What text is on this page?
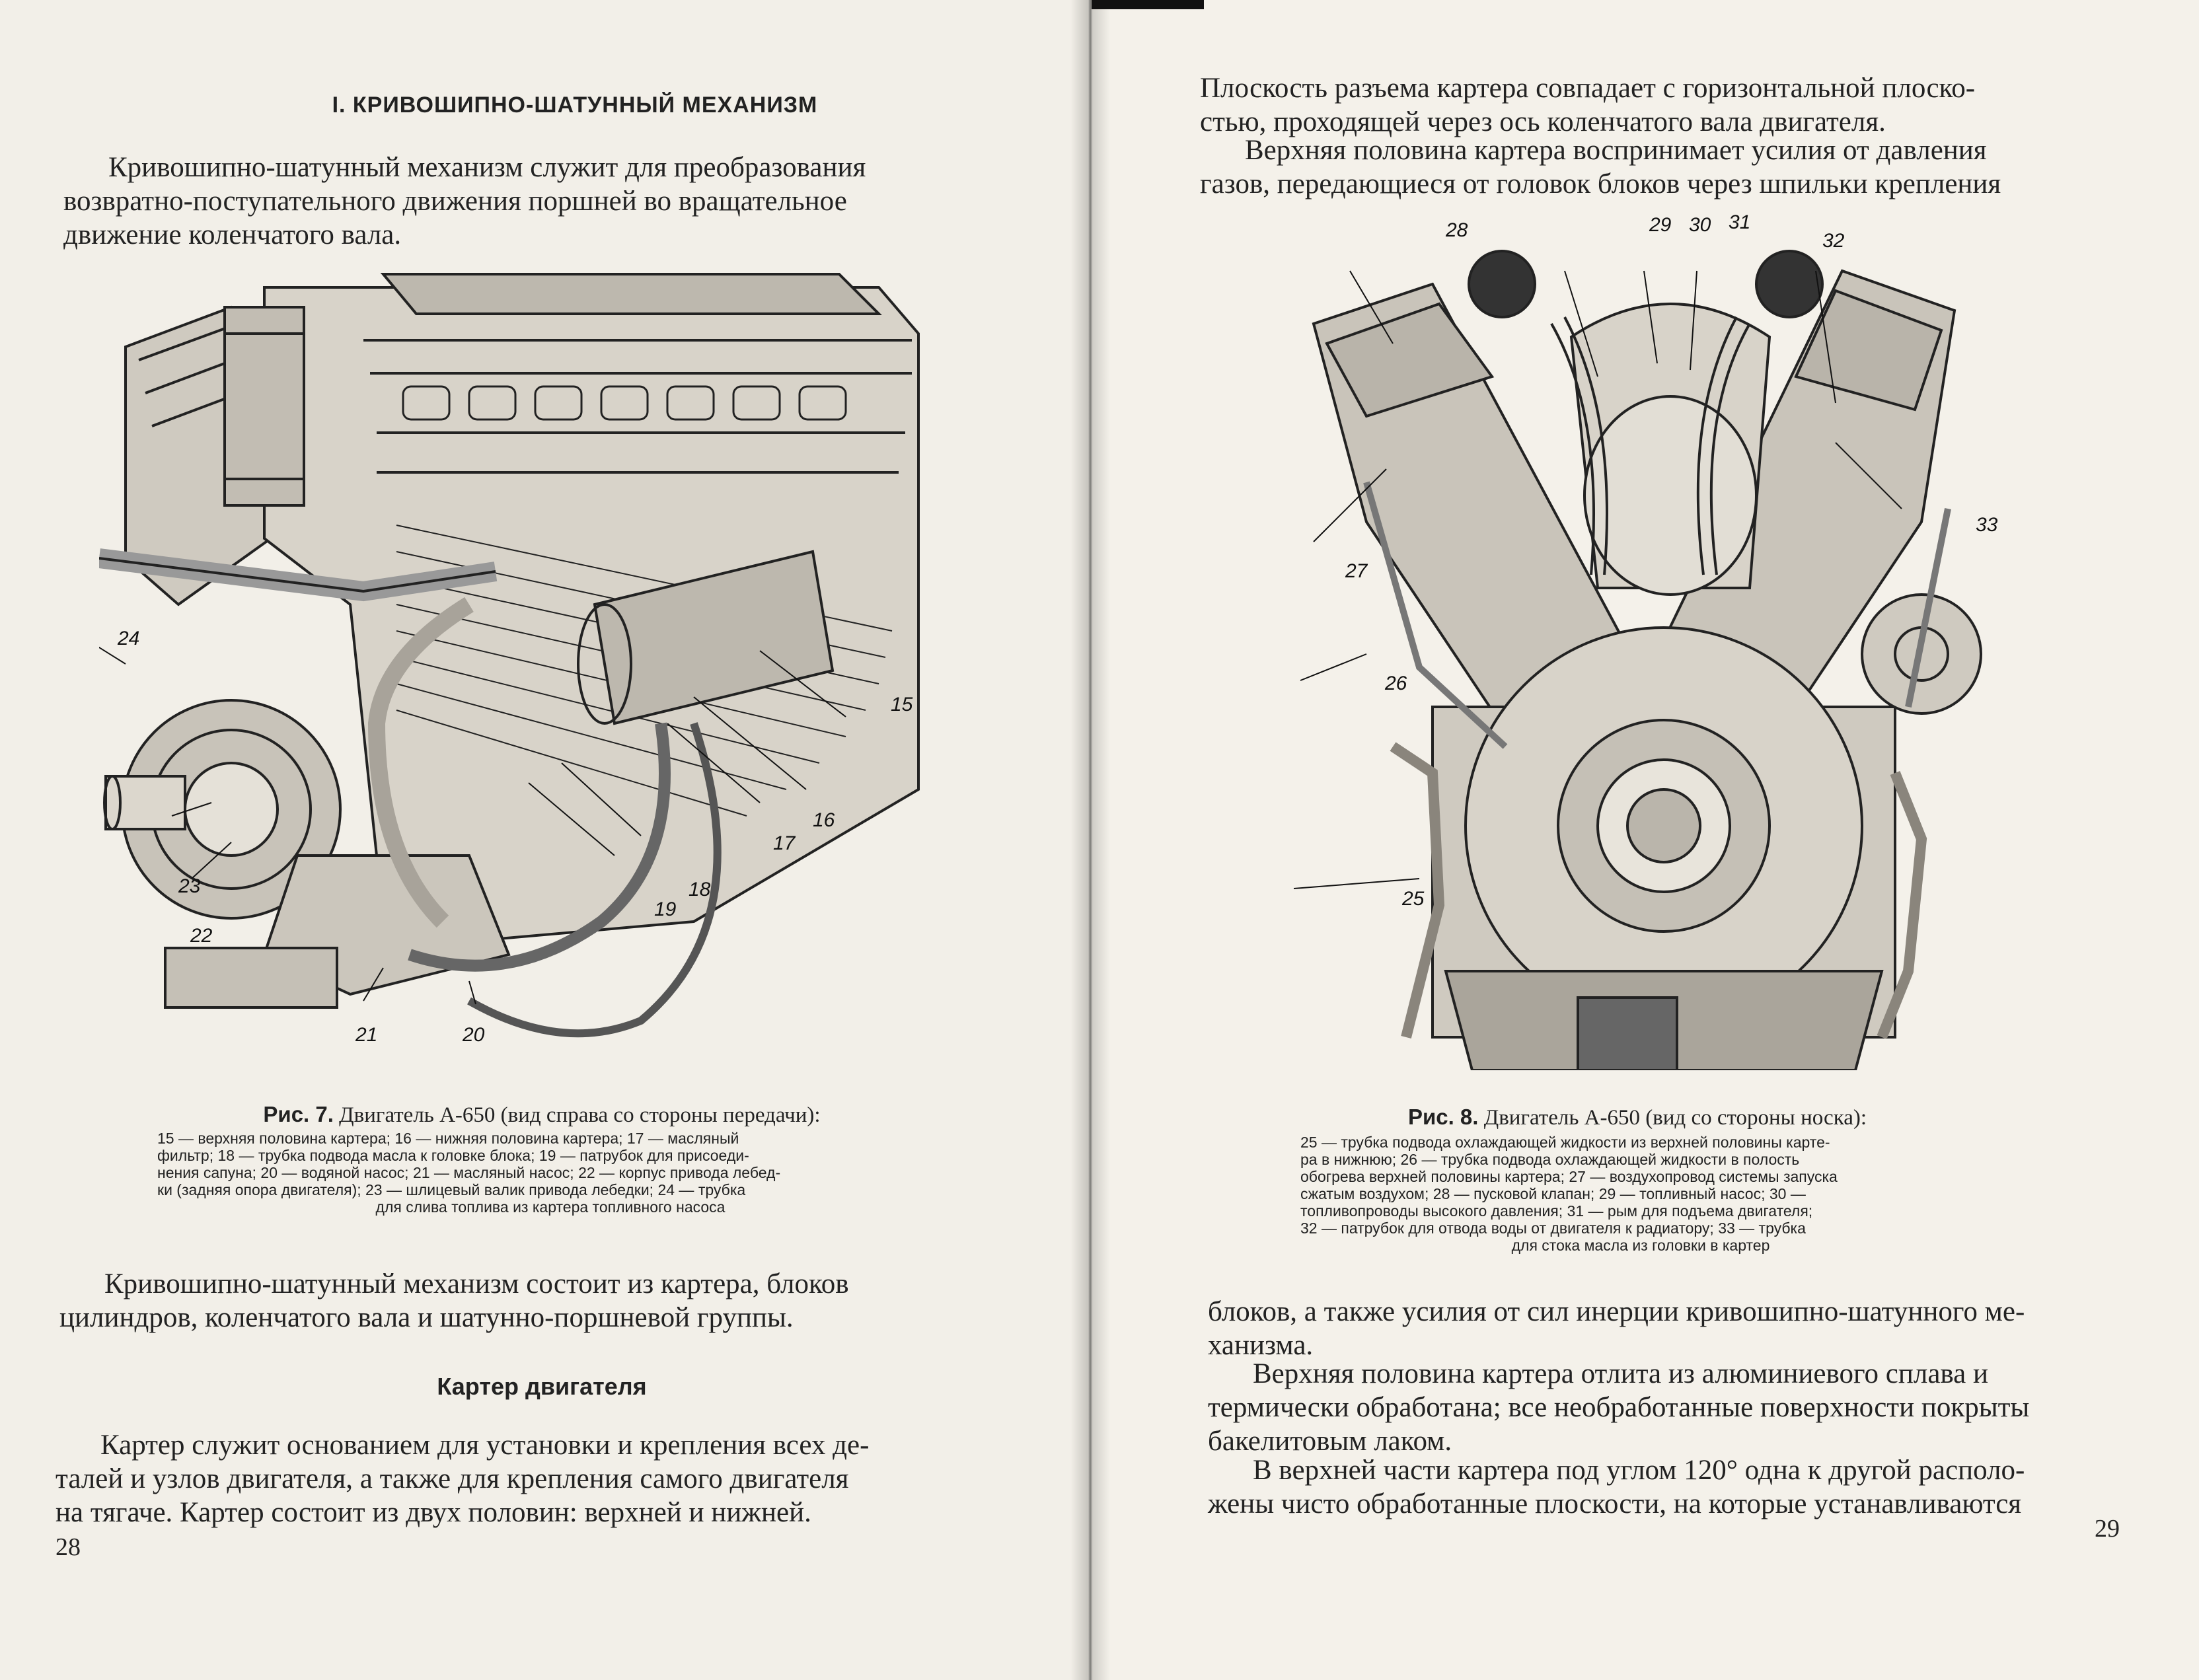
I. КРИВОШИПНО-ШАТУННЫЙ МЕХАНИЗМ
Кривошипно-шатунный механизм служит для преобразования
возвратно-поступательного движения поршней во вращательное
движение коленчатого вала.
24
15
16
17
18
19
23
22
21	20
Рис. 7. Двигатель А-650 (вид справа со стороны передачи):
15 — верхняя половина картера; 16 — нижняя половина картера; 17 — масляный
фильтр; 18 — трубка подвода масла к головке блока; 19 — патрубок для присоеди-
нения сапуна; 20 — водяной насос; 21 — масляный насос; 22 — корпус привода лебед-
ки (задняя опора двигателя); 23 — шлицевый валик привода лебедки; 24 — трубка
для слива топлива из картера топливного насоса
Кривошипно-шатунный механизм состоит из картера, блоков
цилиндров, коленчатого вала и шатунно-поршневой группы.
Картер двигателя
Картер служит основанием для установки и крепления всех де-
талей и узлов двигателя, а также для крепления самого двигателя
на тягаче. Картер состоит из двух половин: верхней и нижней.
28
Плоскость разъема картера совпадает с горизонтальной плоско-
стью, проходящей через ось коленчатого вала двигателя.
Верхняя половина картера воспринимает усилия от давления
газов, передающиеся от головок блоков через шпильки крепления
28	29 30 31
32
33
27
26
25
Рис. 8. Двигатель А-650 (вид со стороны носка):
25 — трубка подвода охлаждающей жидкости из верхней половины карте-
ра в нижнюю; 26 — трубка подвода охлаждающей жидкости в полость
обогрева верхней половины картера; 27 — воздухопровод системы запуска
сжатым воздухом; 28 — пусковой клапан; 29 — топливный насос; 30 —
топливопроводы высокого давления; 31 — рым для подъема двигателя;
32 — патрубок для отвода воды от двигателя к радиатору; 33 — трубка
для стока масла из головки в картер
блоков, а также усилия от сил инерции кривошипно-шатунного ме-
ханизма.
Верхняя половина картера отлита из алюминиевого сплава и
термически обработана; все необработанные поверхности покрыты
бакелитовым лаком.
В верхней части картера под углом 120° одна к другой располо-
жены чисто обработанные плоскости, на которые устанавливаются
29
